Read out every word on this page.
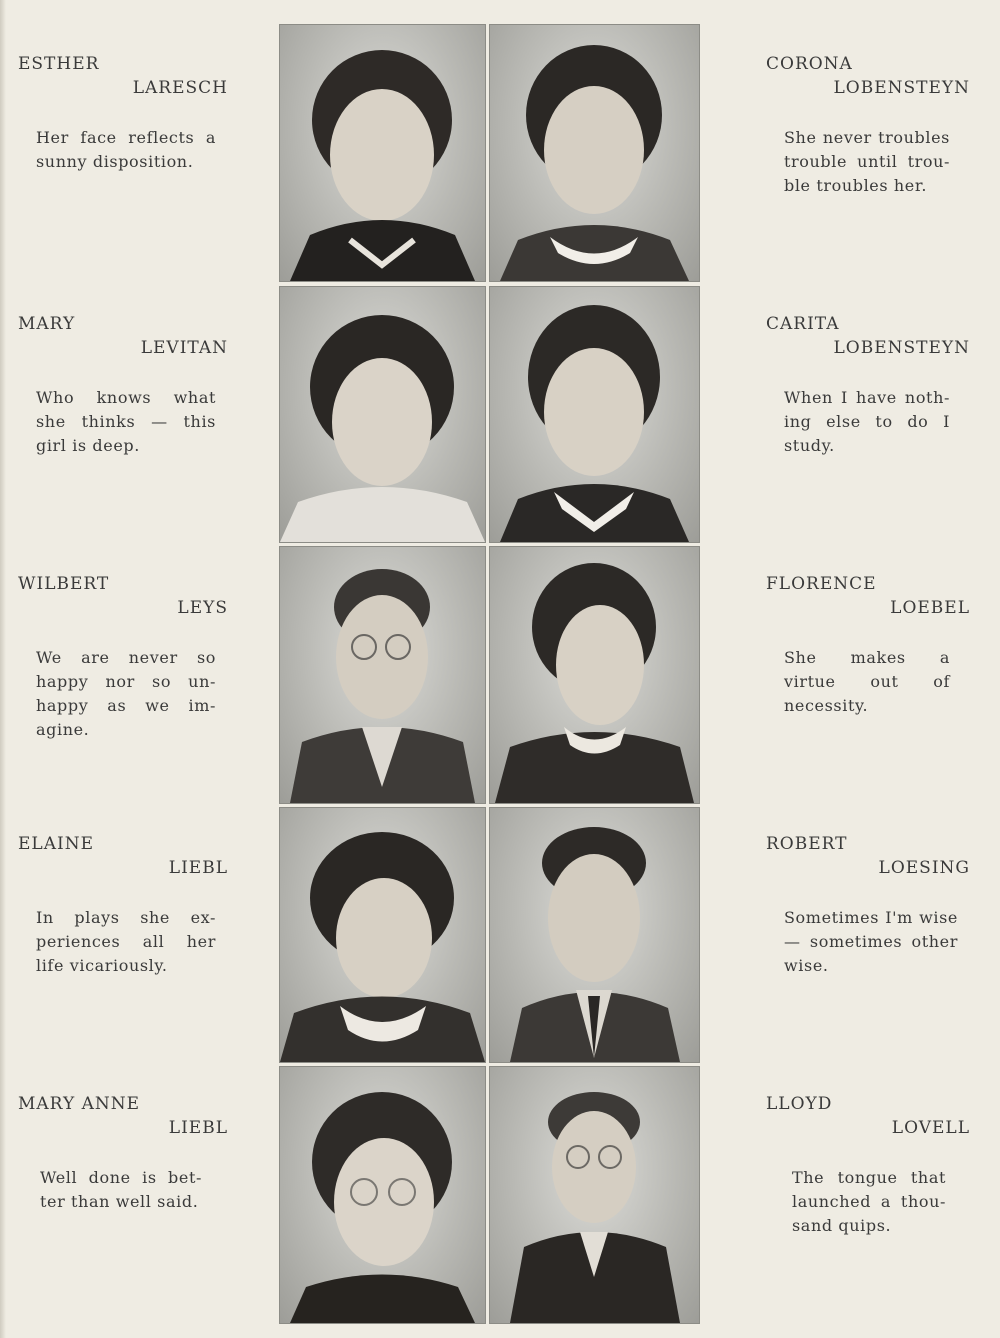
ESTHER
LARESCH
Her face reflects a sunny disposition.
CORONA
LOBENSTEYN
She never troubles trouble until trou- ble troubles her.
MARY
LEVITAN
Who knows what she thinks — this girl is deep.
CARITA
LOBENSTEYN
When I have noth- ing else to do I study.
WILBERT
LEYS
We are never so happy nor so un- happy as we im- agine.
FLORENCE
LOEBEL
She makes a virtue out of necessity.
ELAINE
LIEBL
In plays she ex- periences all her life vicariously.
ROBERT
LOESING
Sometimes I'm wise — sometimes other wise.
MARY ANNE
LIEBL
Well done is bet- ter than well said.
LLOYD
LOVELL
The tongue that launched a thou- sand quips.
